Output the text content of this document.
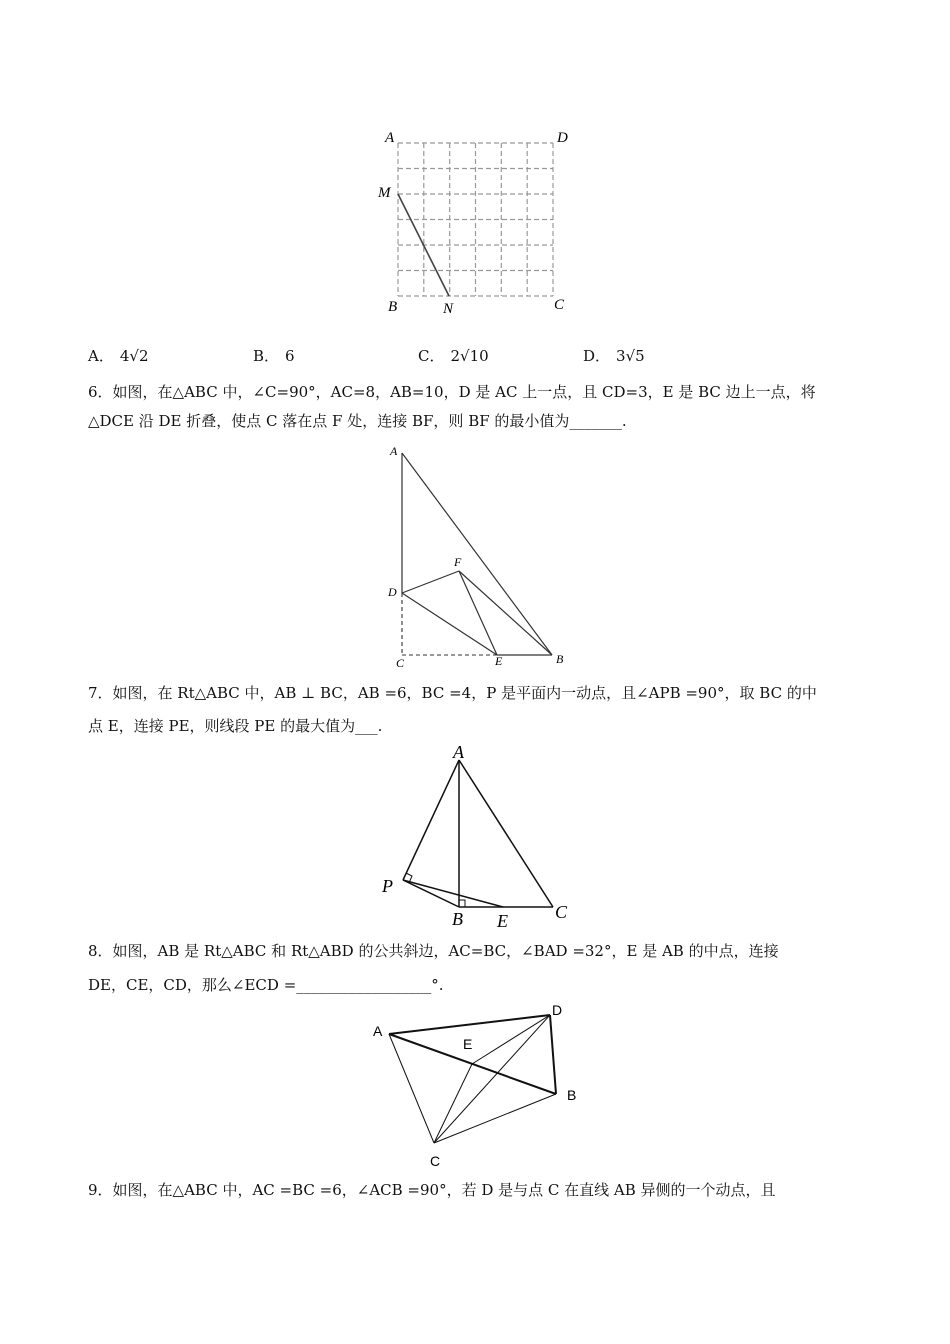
A	D
M
B	N	C
A． 4√2	B． 6	C． 2√10	D． 3√5
6．如图，在△ABC 中，∠C=90°，AC=8，AB=10，D 是 AC 上一点，且 CD=3，E 是 BC 边上一点，将
△DCE 沿 DE 折叠，使点 C 落在点 F 处，连接 BF，则 BF 的最小值为_______.
A
F
D
C	E	B
7．如图，在 Rt△ABC 中，AB ⊥ BC，AB =6，BC =4，P 是平面内一动点，且∠APB =90°，取 BC 的中
点 E，连接 PE，则线段 PE 的最大值为___.
A
P
B E	C
8．如图，AB 是 Rt△ABC 和 Rt△ABD 的公共斜边，AC=BC，∠BAD =32°，E 是 AB 的中点，连接
DE，CE，CD，那么∠ECD =__________________°.
A
D
E
B
C
9．如图，在△ABC 中，AC =BC =6，∠ACB =90°，若 D 是与点 C 在直线 AB 异侧的一个动点，且
